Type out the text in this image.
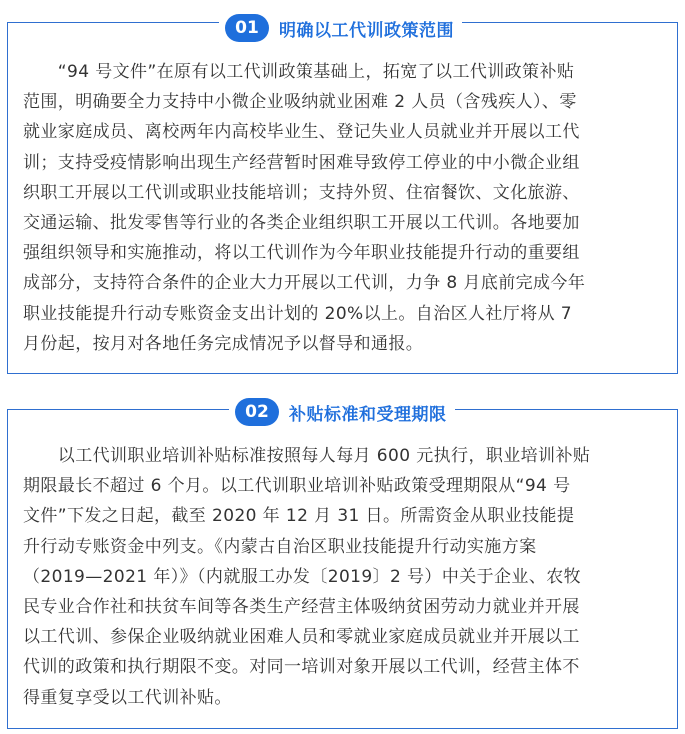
01	明确以工代训政策范围

　　“94 号文件”在原有以工代训政策基础上，拓宽了以工代训政策补贴

范围，明确要全力支持中小微企业吸纳就业困难 2 人员（含残疾人）、零

就业家庭成员、离校两年内高校毕业生、登记失业人员就业并开展以工代

训；支持受疫情影响出现生产经营暂时困难导致停工停业的中小微企业组

织职工开展以工代训或职业技能培训；支持外贸、住宿餐饮、文化旅游、

交通运输、批发零售等行业的各类企业组织职工开展以工代训。各地要加

强组织领导和实施推动，将以工代训作为今年职业技能提升行动的重要组

成部分，支持符合条件的企业大力开展以工代训，力争 8 月底前完成今年

职业技能提升行动专账资金支出计划的 20%以上。自治区人社厅将从 7

月份起，按月对各地任务完成情况予以督导和通报。

02	补贴标准和受理期限

　　以工代训职业培训补贴标准按照每人每月 600 元执行，职业培训补贴

期限最长不超过 6 个月。以工代训职业培训补贴政策受理期限从“94 号

文件”下发之日起，截至 2020 年 12 月 31 日。所需资金从职业技能提

升行动专账资金中列支。《内蒙古自治区职业技能提升行动实施方案

（2019—2021 年）》（内就服工办发〔2019〕2 号）中关于企业、农牧

民专业合作社和扶贫车间等各类生产经营主体吸纳贫困劳动力就业并开展

以工代训、参保企业吸纳就业困难人员和零就业家庭成员就业并开展以工

代训的政策和执行期限不变。对同一培训对象开展以工代训，经营主体不

得重复享受以工代训补贴。
